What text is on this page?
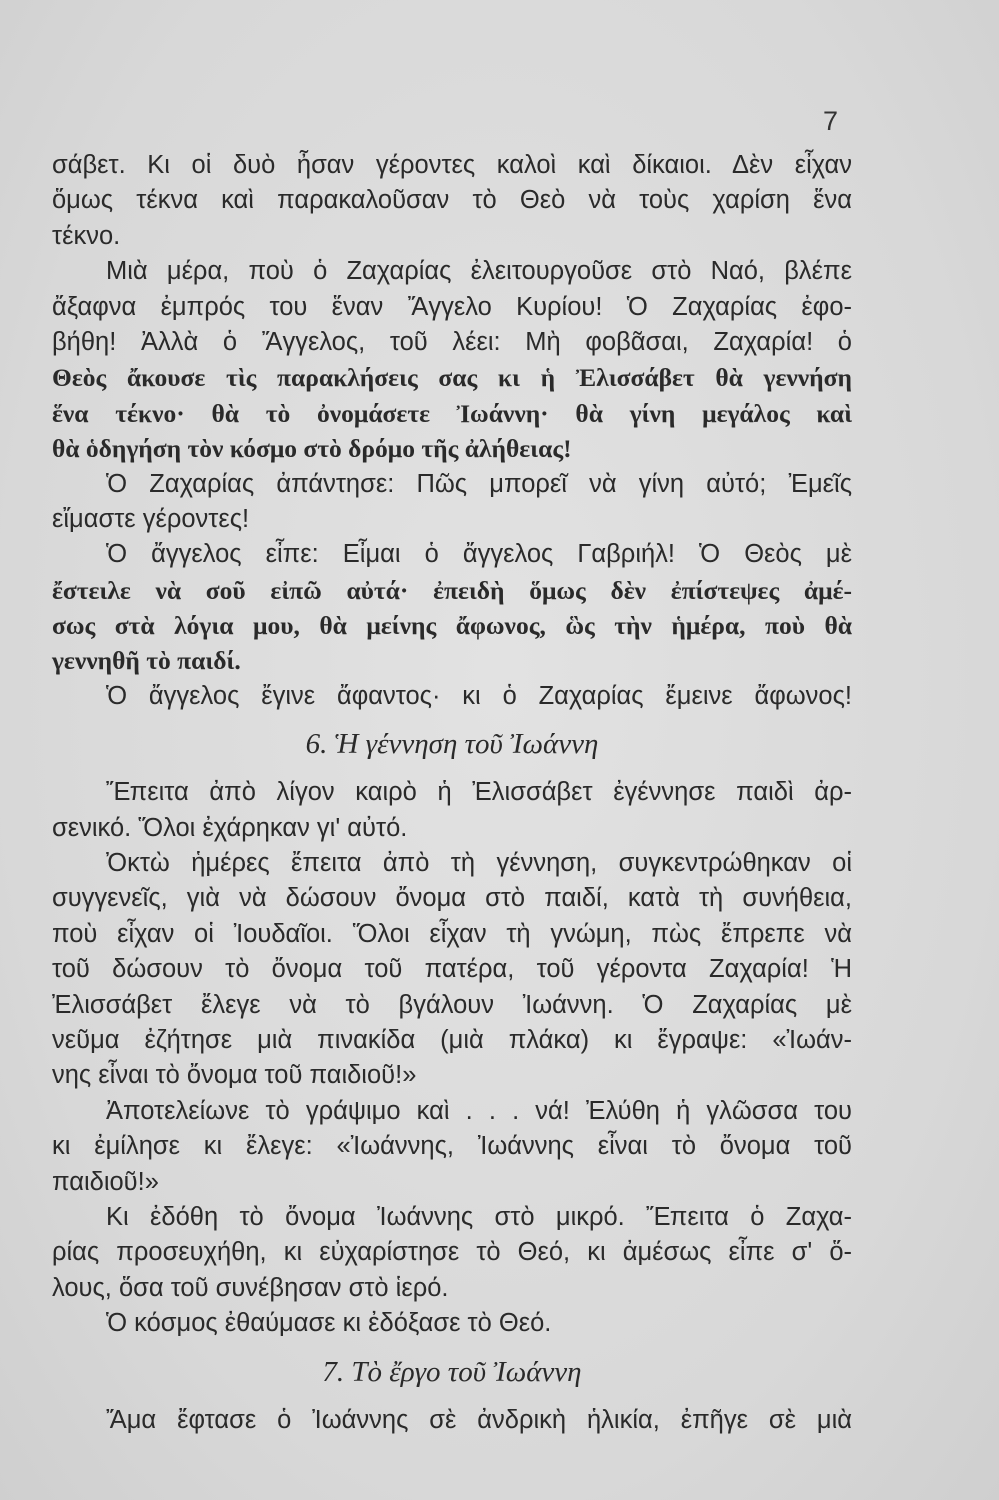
7
σάβετ. Κι οἱ δυὸ ἦσαν γέροντες καλοὶ καὶ δίκαιοι. Δὲν εἶχαν
ὅμως τέκνα καὶ παρακαλοῦσαν τὸ Θεὸ νὰ τοὺς χαρίση ἕνα
τέκνο.
Μιὰ μέρα, ποὺ ὁ Ζαχαρίας ἐλειτουργοῦσε στὸ Ναό, βλέπε
ἄξαφνα ἐμπρός του ἕναν Ἄγγελο Κυρίου! Ὁ Ζαχαρίας ἐφο-
βήθη! Ἀλλὰ ὁ Ἄγγελος, τοῦ λέει: Μὴ φοβᾶσαι, Ζαχαρία! ὁ
Θεὸς ἄκουσε τὶς παρακλήσεις σας κι ἡ Ἐλισσάβετ θὰ γεννήση
ἕνα τέκνο· θὰ τὸ ὀνομάσετε Ἰωάννη· θὰ γίνη μεγάλος καὶ
θὰ ὁδηγήση τὸν κόσμο στὸ δρόμο τῆς ἀλήθειας!
Ὁ Ζαχαρίας ἀπάντησε: Πῶς μπορεῖ νὰ γίνη αὐτό; Ἐμεῖς
εἴμαστε γέροντες!
Ὁ ἄγγελος εἶπε: Εἶμαι ὁ ἄγγελος Γαβριήλ! Ὁ Θεὸς μὲ
ἔστειλε νὰ σοῦ εἰπῶ αὐτά· ἐπειδὴ ὅμως δὲν ἐπίστεψες ἀμέ-
σως στὰ λόγια μου, θὰ μείνης ἄφωνος, ὣς τὴν ἡμέρα, ποὺ θὰ
γεννηθῆ τὸ παιδί.
Ὁ ἄγγελος ἔγινε ἄφαντος· κι ὁ Ζαχαρίας ἔμεινε ἄφωνος!
6. Ἡ γέννηση τοῦ Ἰωάννη
Ἔπειτα ἀπὸ λίγον καιρὸ ἡ Ἐλισσάβετ ἐγέννησε παιδὶ ἀρ-
σενικό. Ὅλοι ἐχάρηκαν γι' αὐτό.
Ὀκτὼ ἡμέρες ἔπειτα ἀπὸ τὴ γέννηση, συγκεντρώθηκαν οἱ
συγγενεῖς, γιὰ νὰ δώσουν ὄνομα στὸ παιδί, κατὰ τὴ συνήθεια,
ποὺ εἶχαν οἱ Ἰουδαῖοι. Ὅλοι εἶχαν τὴ γνώμη, πὼς ἔπρεπε νὰ
τοῦ δώσουν τὸ ὄνομα τοῦ πατέρα, τοῦ γέροντα Ζαχαρία! Ἡ
Ἐλισσάβετ ἔλεγε νὰ τὸ βγάλουν Ἰωάννη. Ὁ Ζαχαρίας μὲ
νεῦμα ἐζήτησε μιὰ πινακίδα (μιὰ πλάκα) κι ἔγραψε: «Ἰωάν-
νης εἶναι τὸ ὄνομα τοῦ παιδιοῦ!»
Ἀποτελείωνε τὸ γράψιμο καὶ . . . νά! Ἐλύθη ἡ γλῶσσα του
κι ἐμίλησε κι ἔλεγε: «Ἰωάννης, Ἰωάννης εἶναι τὸ ὄνομα τοῦ
παιδιοῦ!»
Κι ἐδόθη τὸ ὄνομα Ἰωάννης στὸ μικρό. Ἔπειτα ὁ Ζαχα-
ρίας προσευχήθη, κι εὐχαρίστησε τὸ Θεό, κι ἀμέσως εἶπε σ' ὅ-
λους, ὅσα τοῦ συνέβησαν στὸ ἱερό.
Ὁ κόσμος ἐθαύμασε κι ἐδόξασε τὸ Θεό.
7. Τὸ ἔργο τοῦ Ἰωάννη
Ἄμα ἔφτασε ὁ Ἰωάννης σὲ ἀνδρικὴ ἡλικία, ἐπῆγε σὲ μιὰ
